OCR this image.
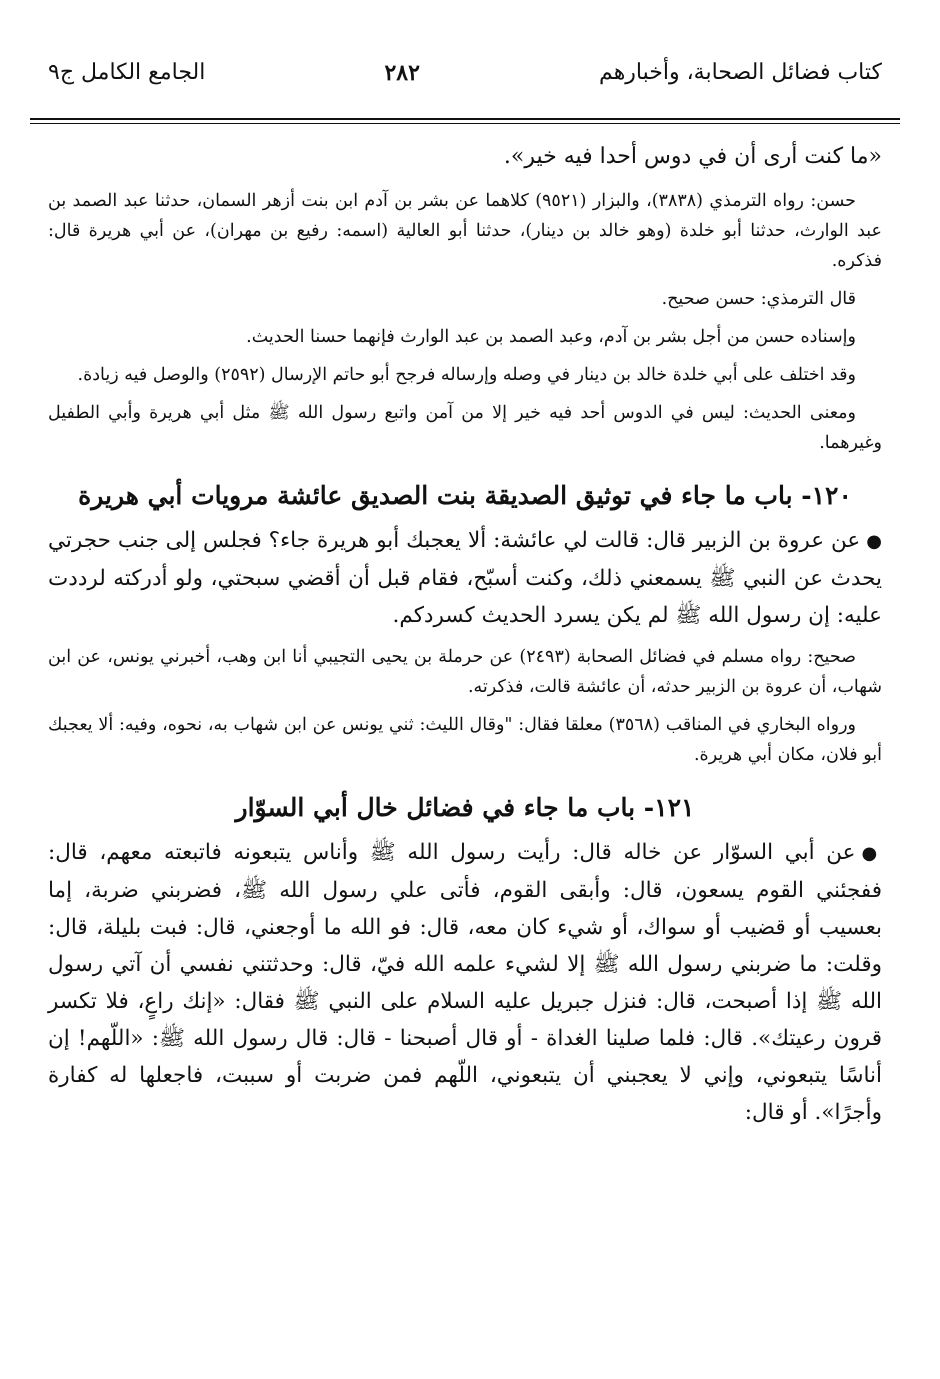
كتاب فضائل الصحابة، وأخبارهم
٢٨٢
الجامع الكامل ج٩

«ما كنت أرى أن في دوس أحدا فيه خير».

حسن: رواه الترمذي (٣٨٣٨)، والبزار (٩٥٢١) كلاهما عن بشر بن آدم ابن بنت أزهر السمان، حدثنا عبد الصمد بن عبد الوارث، حدثنا أبو خلدة (وهو خالد بن دينار)، حدثنا أبو العالية (اسمه: رفيع بن مهران)، عن أبي هريرة قال: فذكره.

قال الترمذي: حسن صحيح.

وإسناده حسن من أجل بشر بن آدم، وعبد الصمد بن عبد الوارث فإنهما حسنا الحديث.

وقد اختلف على أبي خلدة خالد بن دينار في وصله وإرساله فرجح أبو حاتم الإرسال (٢٥٩٢) والوصل فيه زيادة.

ومعنى الحديث: ليس في الدوس أحد فيه خير إلا من آمن واتبع رسول الله ﷺ مثل أبي هريرة وأبي الطفيل وغيرهما.

١٢٠- باب ما جاء في توثيق الصديقة بنت الصديق عائشة مرويات أبي هريرة

●عن عروة بن الزبير قال: قالت لي عائشة: ألا يعجبك أبو هريرة جاء؟ فجلس إلى جنب حجرتي يحدث عن النبي ﷺ يسمعني ذلك، وكنت أسبّح، فقام قبل أن أقضي سبحتي، ولو أدركته لرددت عليه: إن رسول الله ﷺ لم يكن يسرد الحديث كسردكم.

صحيح: رواه مسلم في فضائل الصحابة (٢٤٩٣) عن حرملة بن يحيى التجيبي أنا ابن وهب، أخبرني يونس، عن ابن شهاب، أن عروة بن الزبير حدثه، أن عائشة قالت، فذكرته.

ورواه البخاري في المناقب (٣٥٦٨) معلقا فقال: "وقال الليث: ثني يونس عن ابن شهاب به، نحوه، وفيه: ألا يعجبك أبو فلان، مكان أبي هريرة.

١٢١- باب ما جاء في فضائل خال أبي السوّار

●عن أبي السوّار عن خاله قال: رأيت رسول الله ﷺ وأناس يتبعونه فاتبعته معهم، قال: ففجئني القوم يسعون، قال: وأبقى القوم، فأتى علي رسول الله ﷺ، فضربني ضربة، إما بعسيب أو قضيب أو سواك، أو شيء كان معه، قال: فو الله ما أوجعني، قال: فبت بليلة، قال: وقلت: ما ضربني رسول الله ﷺ إلا لشيء علمه الله فيّ، قال: وحدثتني نفسي أن آتي رسول الله ﷺ إذا أصبحت، قال: فنزل جبريل عليه السلام على النبي ﷺ فقال: «إنك راعٍ، فلا تكسر قرون رعيتك». قال: فلما صلينا الغداة - أو قال أصبحنا - قال: قال رسول الله ﷺ: «اللّهم! إن أناسًا يتبعوني، وإني لا يعجبني أن يتبعوني، اللّهم فمن ضربت أو سببت، فاجعلها له كفارة وأجرًا». أو قال:
